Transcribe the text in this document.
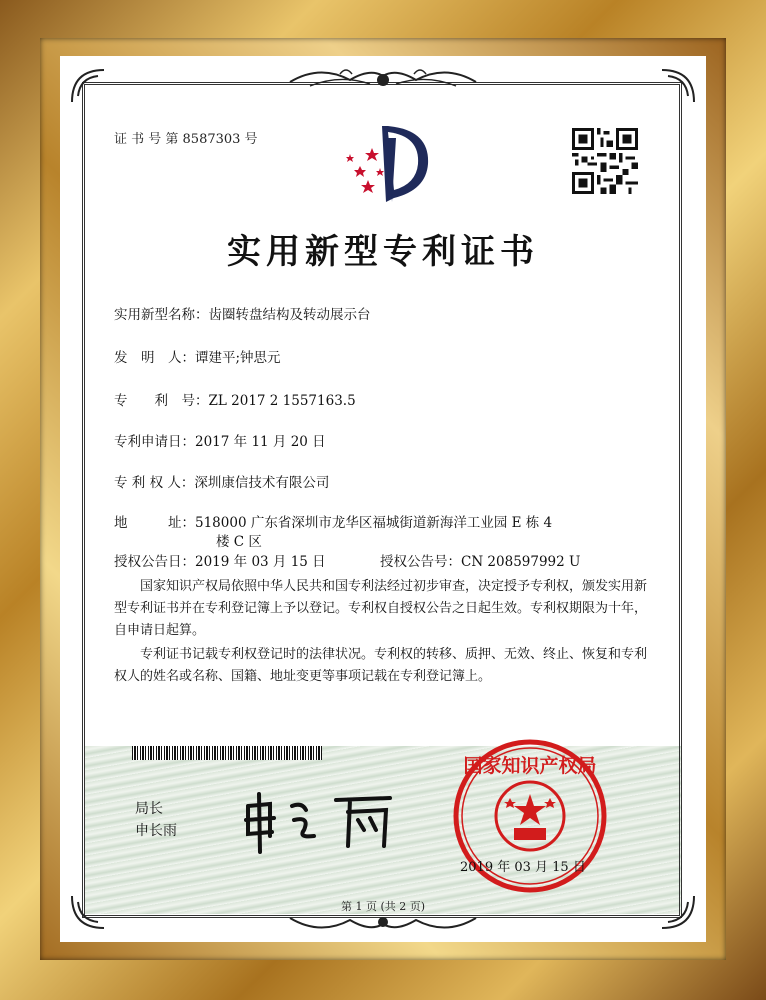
证 书 号 第 8587303 号
实用新型专利证书
实用新型名称：齿圈转盘结构及转动展示台
发　明　人：谭建平;钟思元
专　　利　号：ZL 2017 2 1557163.5
专利申请日：2017 年 11 月 20 日
专 利 权 人：深圳康信技术有限公司
地　　　址：518000 广东省深圳市龙华区福城街道新海洋工业园 E 栋 4
楼 C 区
授权公告日：2019 年 03 月 15 日	授权公告号：CN 208597992 U

国家知识产权局依照中华人民共和国专利法经过初步审查，决定授予专利权，颁发实用新型专利证书并在专利登记簿上予以登记。专利权自授权公告之日起生效。专利权期限为十年，自申请日起算。

专利证书记载专利权登记时的法律状况。专利权的转移、质押、无效、终止、恢复和专利权人的姓名或名称、国籍、地址变更等事项记载在专利登记簿上。

局长
申长雨
国家知识产权局
2019 年 03 月 15 日
第 1 页 (共 2 页)
